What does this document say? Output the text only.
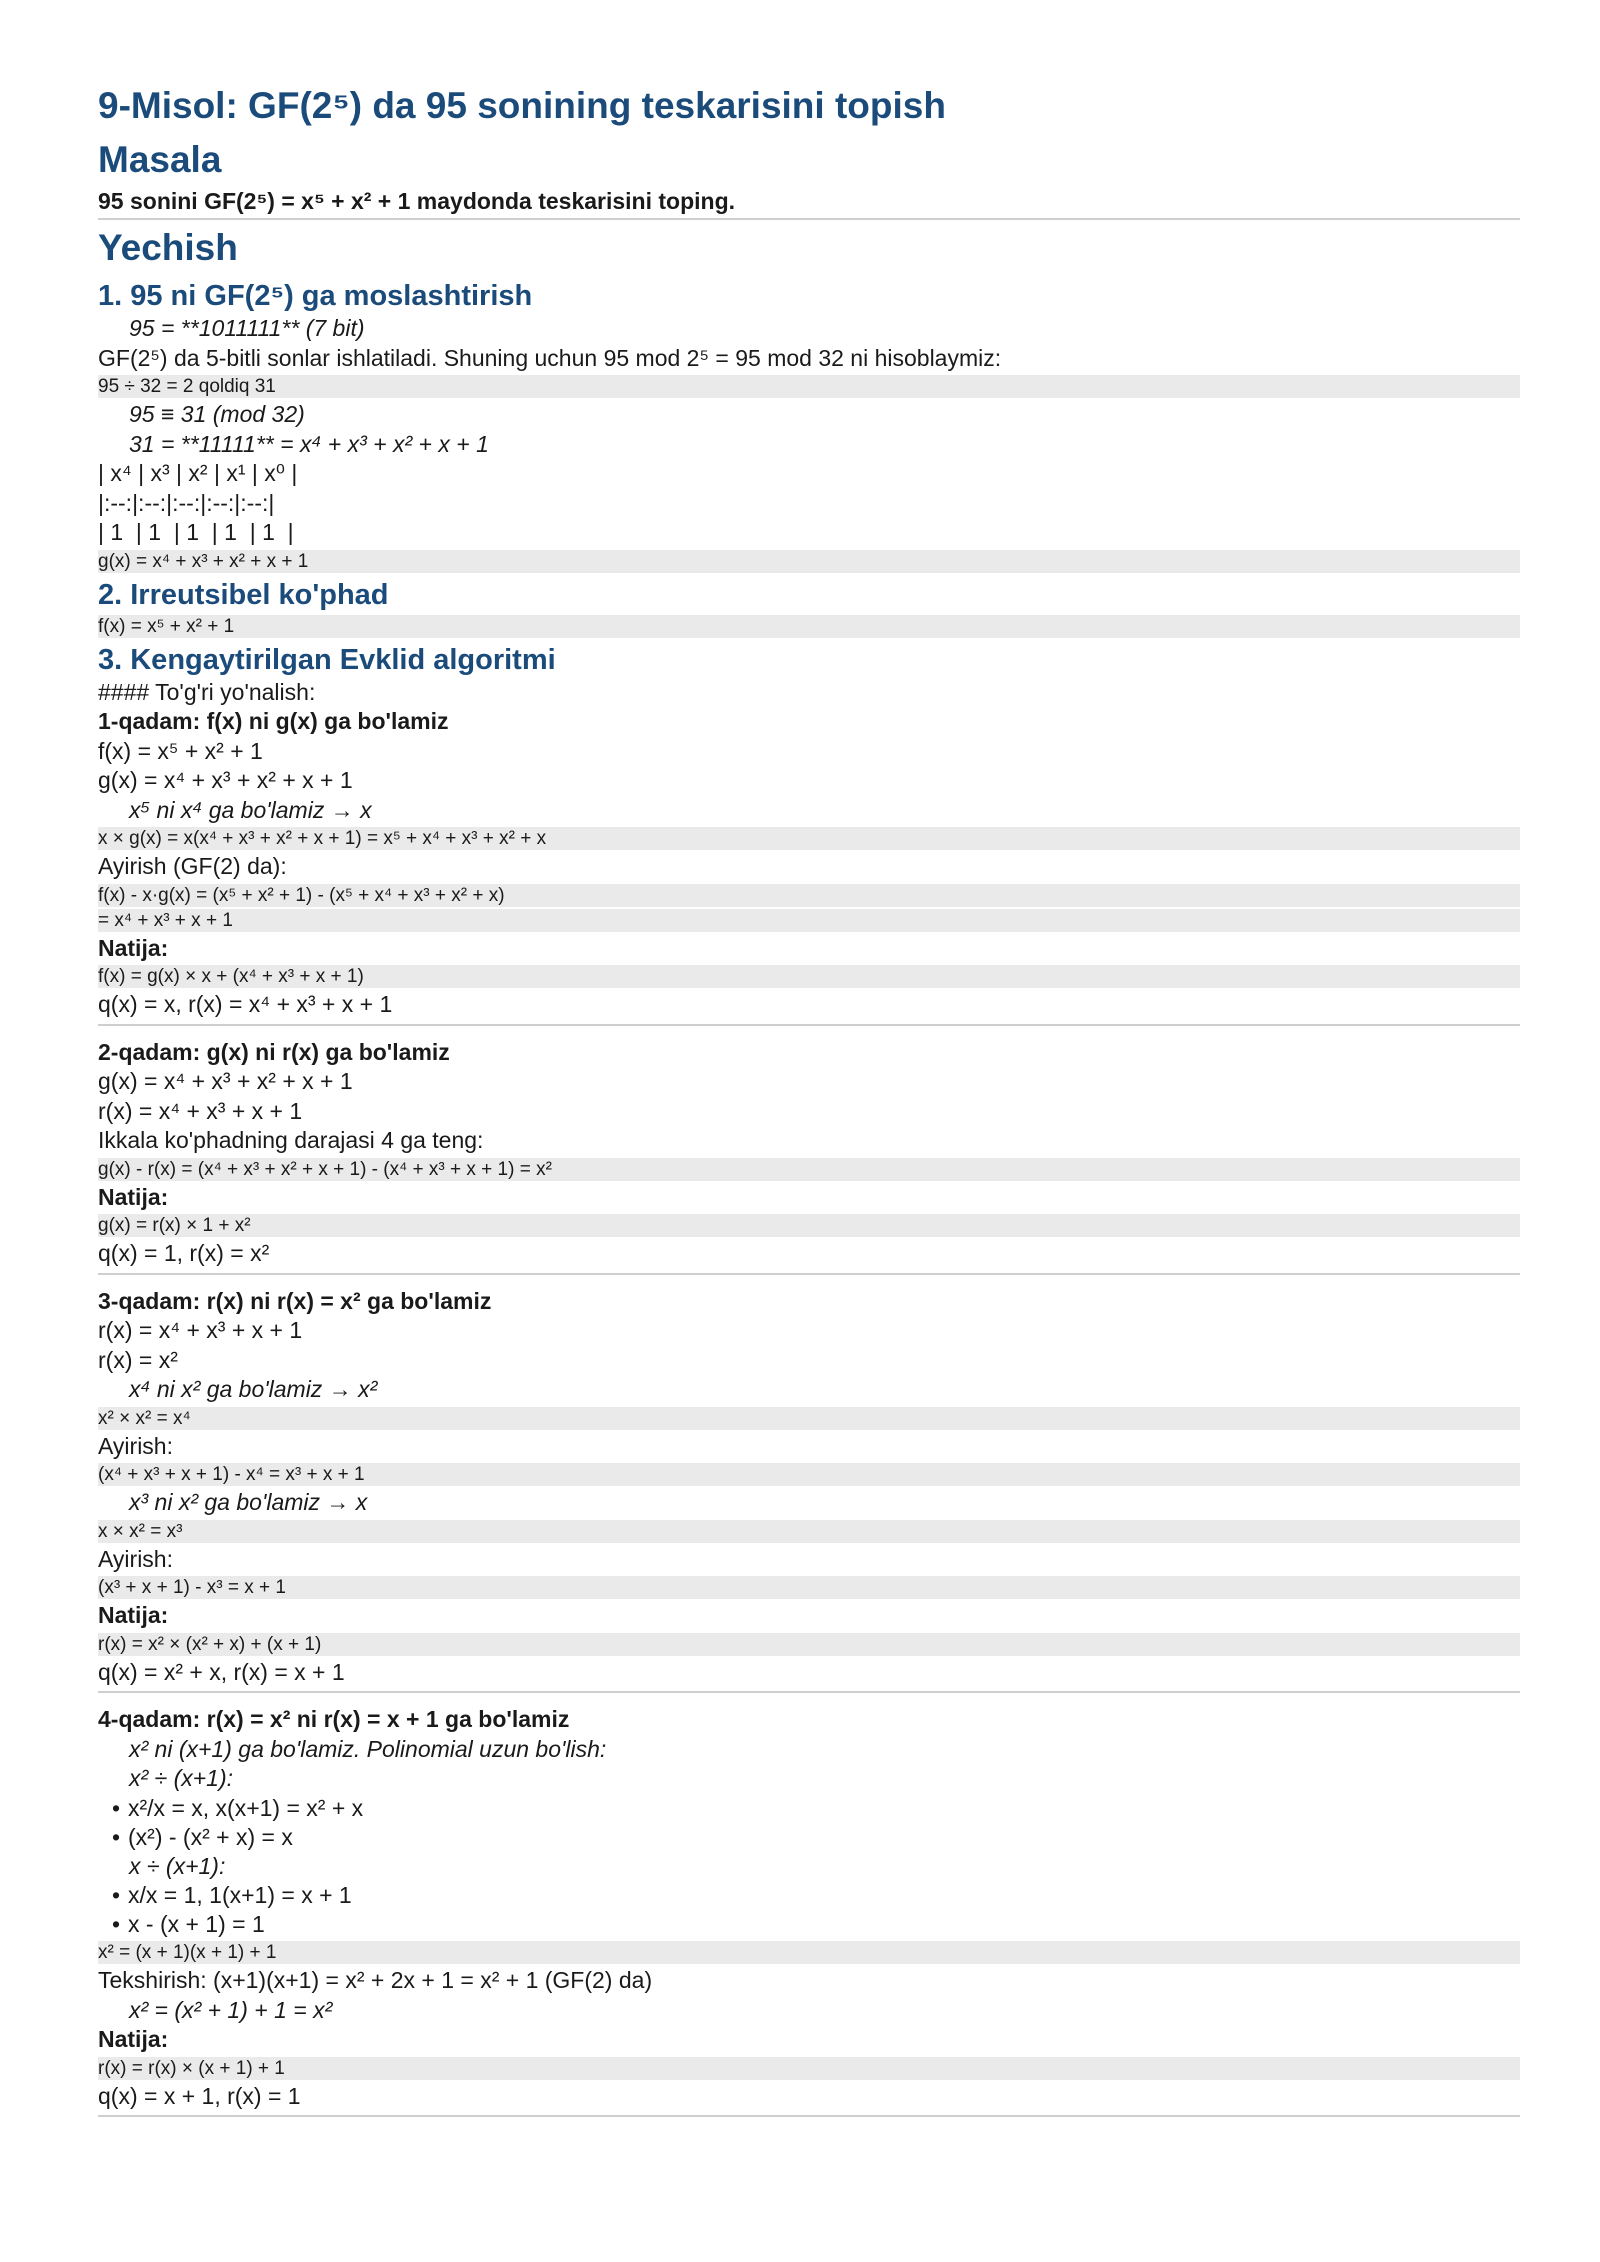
9-Misol: GF(2⁵) da 95 sonining teskarisini topish
Masala
95 sonini GF(2⁵) = x⁵ + x² + 1 maydonda teskarisini toping.
Yechish
1. 95 ni GF(2⁵) ga moslashtirish
95 = **1011111** (7 bit)
GF(2⁵) da 5-bitli sonlar ishlatiladi. Shuning uchun 95 mod 2⁵ = 95 mod 32 ni hisoblaymiz:
95 ÷ 32 = 2 qoldiq 31
95 ≡ 31 (mod 32)
31 = **11111** = x⁴ + x³ + x² + x + 1
| x⁴ | x³ | x² | x¹ | x⁰ |
|:--:|:--:|:--:|:--:|:--:|
| 1  | 1  | 1  | 1  | 1  |
g(x) = x⁴ + x³ + x² + x + 1
2. Irreutsibel ko'phad
f(x) = x⁵ + x² + 1
3. Kengaytirilgan Evklid algoritmi
#### To'g'ri yo'nalish:
1-qadam: f(x) ni g(x) ga bo'lamiz
f(x) = x⁵ + x² + 1
g(x) = x⁴ + x³ + x² + x + 1
x⁵ ni x⁴ ga bo'lamiz → x
x × g(x) = x(x⁴ + x³ + x² + x + 1) = x⁵ + x⁴ + x³ + x² + x
Ayirish (GF(2) da):
f(x) - x·g(x) = (x⁵ + x² + 1) - (x⁵ + x⁴ + x³ + x² + x)
= x⁴ + x³ + x + 1
Natija:
f(x) = g(x) × x + (x⁴ + x³ + x + 1)
q(x) = x, r(x) = x⁴ + x³ + x + 1
2-qadam: g(x) ni r(x) ga bo'lamiz
g(x) = x⁴ + x³ + x² + x + 1
r(x) = x⁴ + x³ + x + 1
Ikkala ko'phadning darajasi 4 ga teng:
g(x) - r(x) = (x⁴ + x³ + x² + x + 1) - (x⁴ + x³ + x + 1) = x²
Natija:
g(x) = r(x) × 1 + x²
q(x) = 1, r(x) = x²
3-qadam: r(x) ni r(x) = x² ga bo'lamiz
r(x) = x⁴ + x³ + x + 1
r(x) = x²
x⁴ ni x² ga bo'lamiz → x²
x² × x² = x⁴
Ayirish:
(x⁴ + x³ + x + 1) - x⁴ = x³ + x + 1
x³ ni x² ga bo'lamiz → x
x × x² = x³
Ayirish:
(x³ + x + 1) - x³ = x + 1
Natija:
r(x) = x² × (x² + x) + (x + 1)
q(x) = x² + x, r(x) = x + 1
4-qadam: r(x) = x² ni r(x) = x + 1 ga bo'lamiz
x² ni (x+1) ga bo'lamiz. Polinomial uzun bo'lish:
x² ÷ (x+1):
• x²/x = x, x(x+1) = x² + x
• (x²) - (x² + x) = x
x ÷ (x+1):
• x/x = 1, 1(x+1) = x + 1
• x - (x + 1) = 1
x² = (x + 1)(x + 1) + 1
Tekshirish: (x+1)(x+1) = x² + 2x + 1 = x² + 1 (GF(2) da)
x² = (x² + 1) + 1 = x²
Natija:
r(x) = r(x) × (x + 1) + 1
q(x) = x + 1, r(x) = 1
